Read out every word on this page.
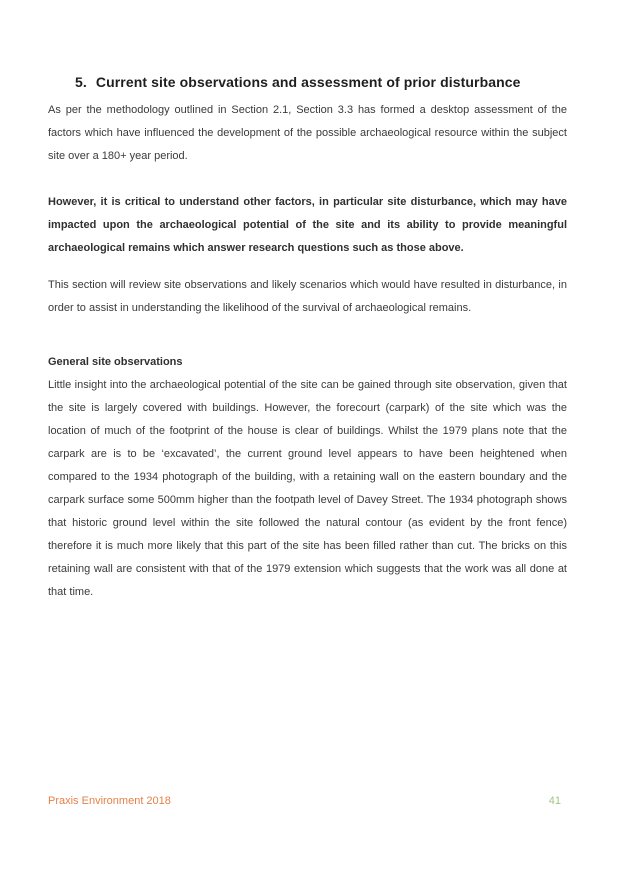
5. Current site observations and assessment of prior disturbance

As per the methodology outlined in Section 2.1, Section 3.3 has formed a desktop assessment of the factors which have influenced the development of the possible archaeological resource within the subject site over a 180+ year period.

However, it is critical to understand other factors, in particular site disturbance, which may have impacted upon the archaeological potential of the site and its ability to provide meaningful archaeological remains which answer research questions such as those above.

This section will review site observations and likely scenarios which would have resulted in disturbance, in order to assist in understanding the likelihood of the survival of archaeological remains.

General site observations

Little insight into the archaeological potential of the site can be gained through site observation, given that the site is largely covered with buildings. However, the forecourt (carpark) of the site which was the location of much of the footprint of the house is clear of buildings. Whilst the 1979 plans note that the carpark are is to be ‘excavated’, the current ground level appears to have been heightened when compared to the 1934 photograph of the building, with a retaining wall on the eastern boundary and the carpark surface some 500mm higher than the footpath level of Davey Street. The 1934 photograph shows that historic ground level within the site followed the natural contour (as evident by the front fence) therefore it is much more likely that this part of the site has been filled rather than cut. The bricks on this retaining wall are consistent with that of the 1979 extension which suggests that the work was all done at that time.

Praxis Environment 2018	41
